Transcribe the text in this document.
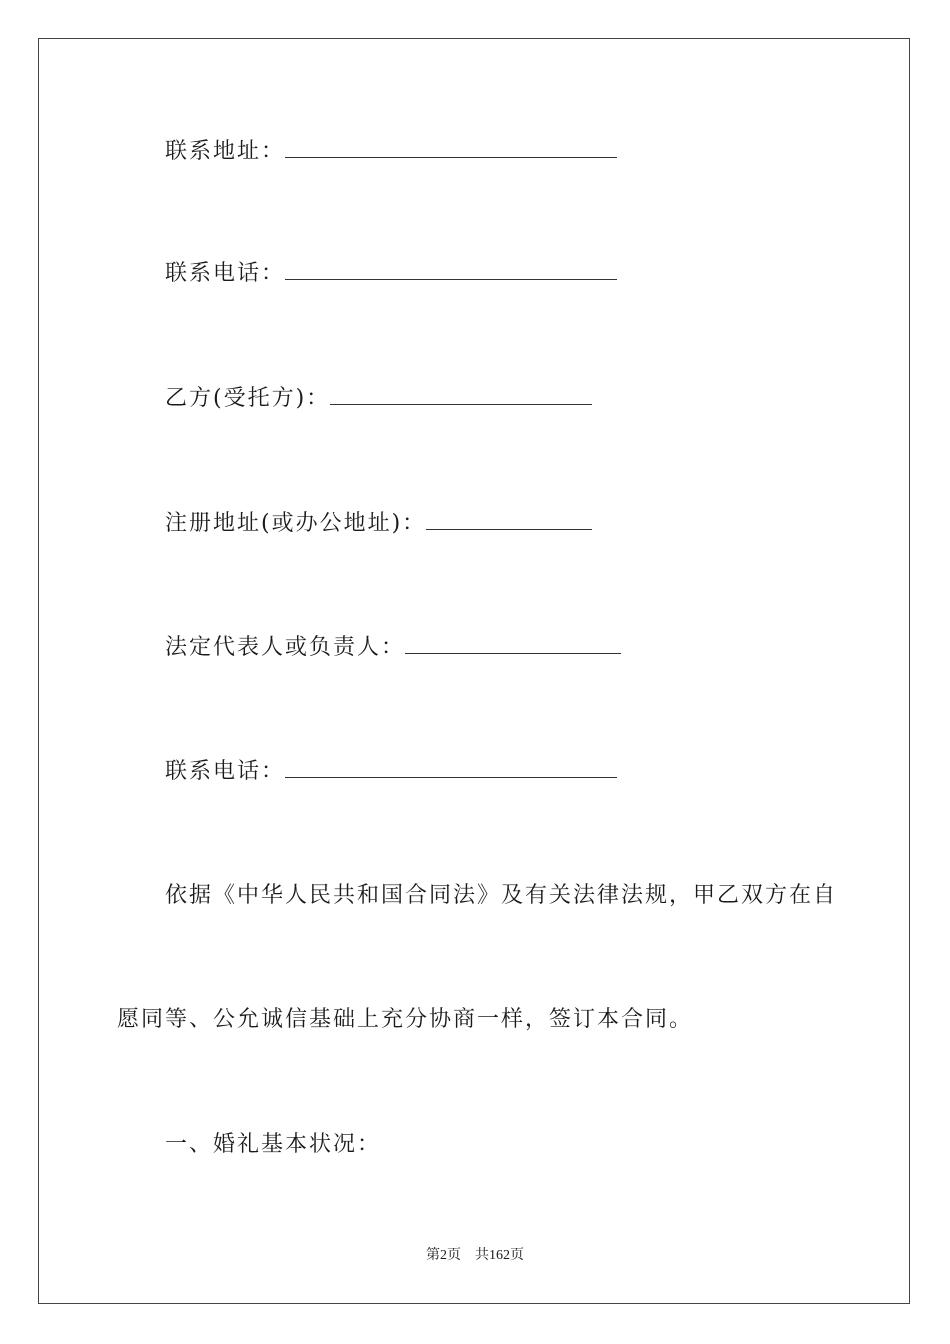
联系地址：
联系电话：
乙方(受托方)：
注册地址(或办公地址)：
法定代表人或负责人：
联系电话：
依据《中华人民共和国合同法》及有关法律法规，甲乙双方在自
愿同等、公允诚信基础上充分协商一样，签订本合同。
一、婚礼基本状况：
第2页 共162页
